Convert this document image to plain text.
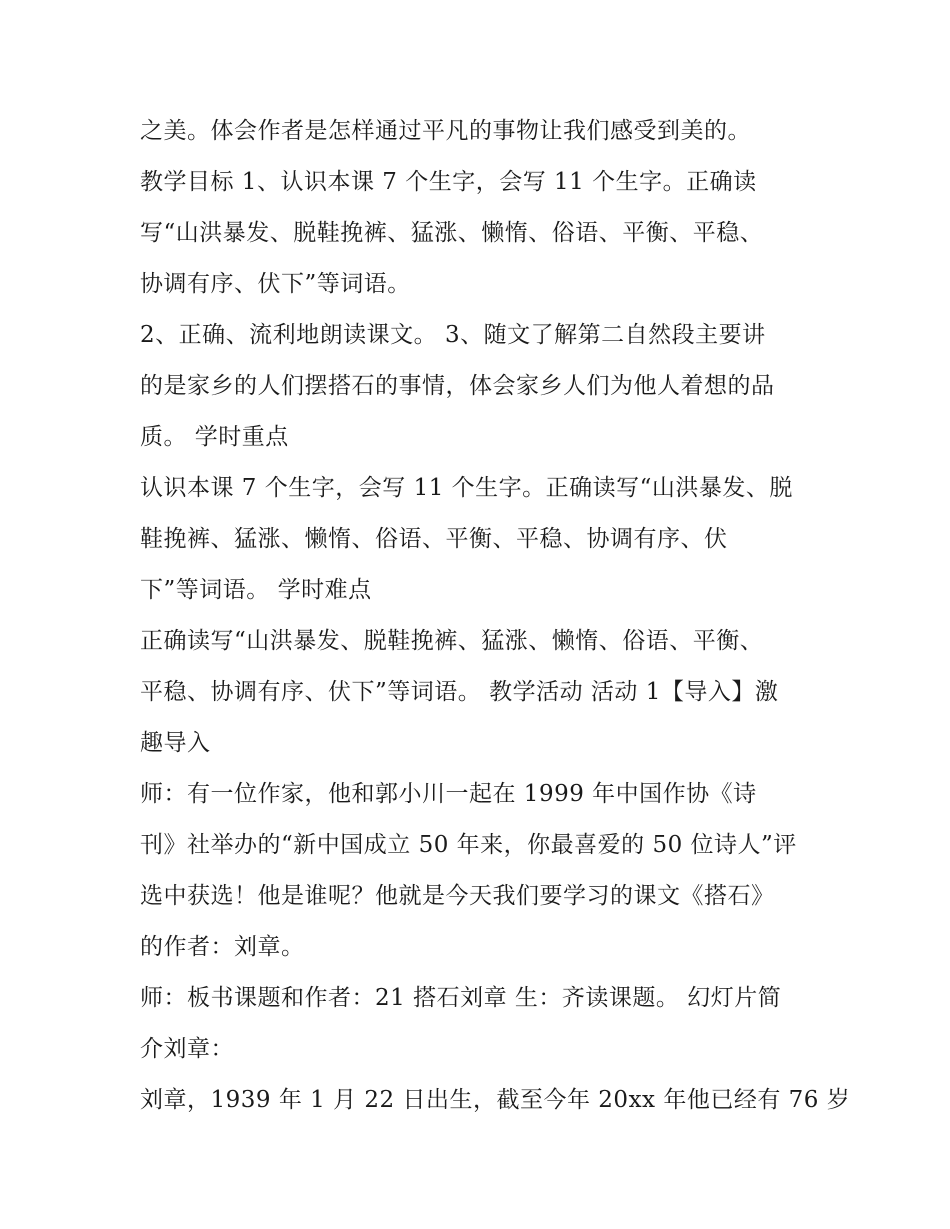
之美。体会作者是怎样通过平凡的事物让我们感受到美的。
教学目标 1、认识本课 7 个生字，会写 11 个生字。正确读
写“山洪暴发、脱鞋挽裤、猛涨、懒惰、俗语、平衡、平稳、
协调有序、伏下”等词语。
2、正确、流利地朗读课文。 3、随文了解第二自然段主要讲
的是家乡的人们摆搭石的事情，体会家乡人们为他人着想的品
质。 学时重点
认识本课 7 个生字，会写 11 个生字。正确读写“山洪暴发、脱
鞋挽裤、猛涨、懒惰、俗语、平衡、平稳、协调有序、伏
下”等词语。 学时难点
正确读写“山洪暴发、脱鞋挽裤、猛涨、懒惰、俗语、平衡、
平稳、协调有序、伏下”等词语。 教学活动 活动 1【导入】激
趣导入
师：有一位作家，他和郭小川一起在 1999 年中国作协《诗
刊》社举办的“新中国成立 50 年来，你最喜爱的 50 位诗人”评
选中获选！他是谁呢？他就是今天我们要学习的课文《搭石》
的作者：刘章。
师：板书课题和作者：21 搭石刘章 生：齐读课题。 幻灯片简
介刘章：
刘章，1939 年 1 月 22 日出生，截至今年 20xx 年他已经有 76 岁
